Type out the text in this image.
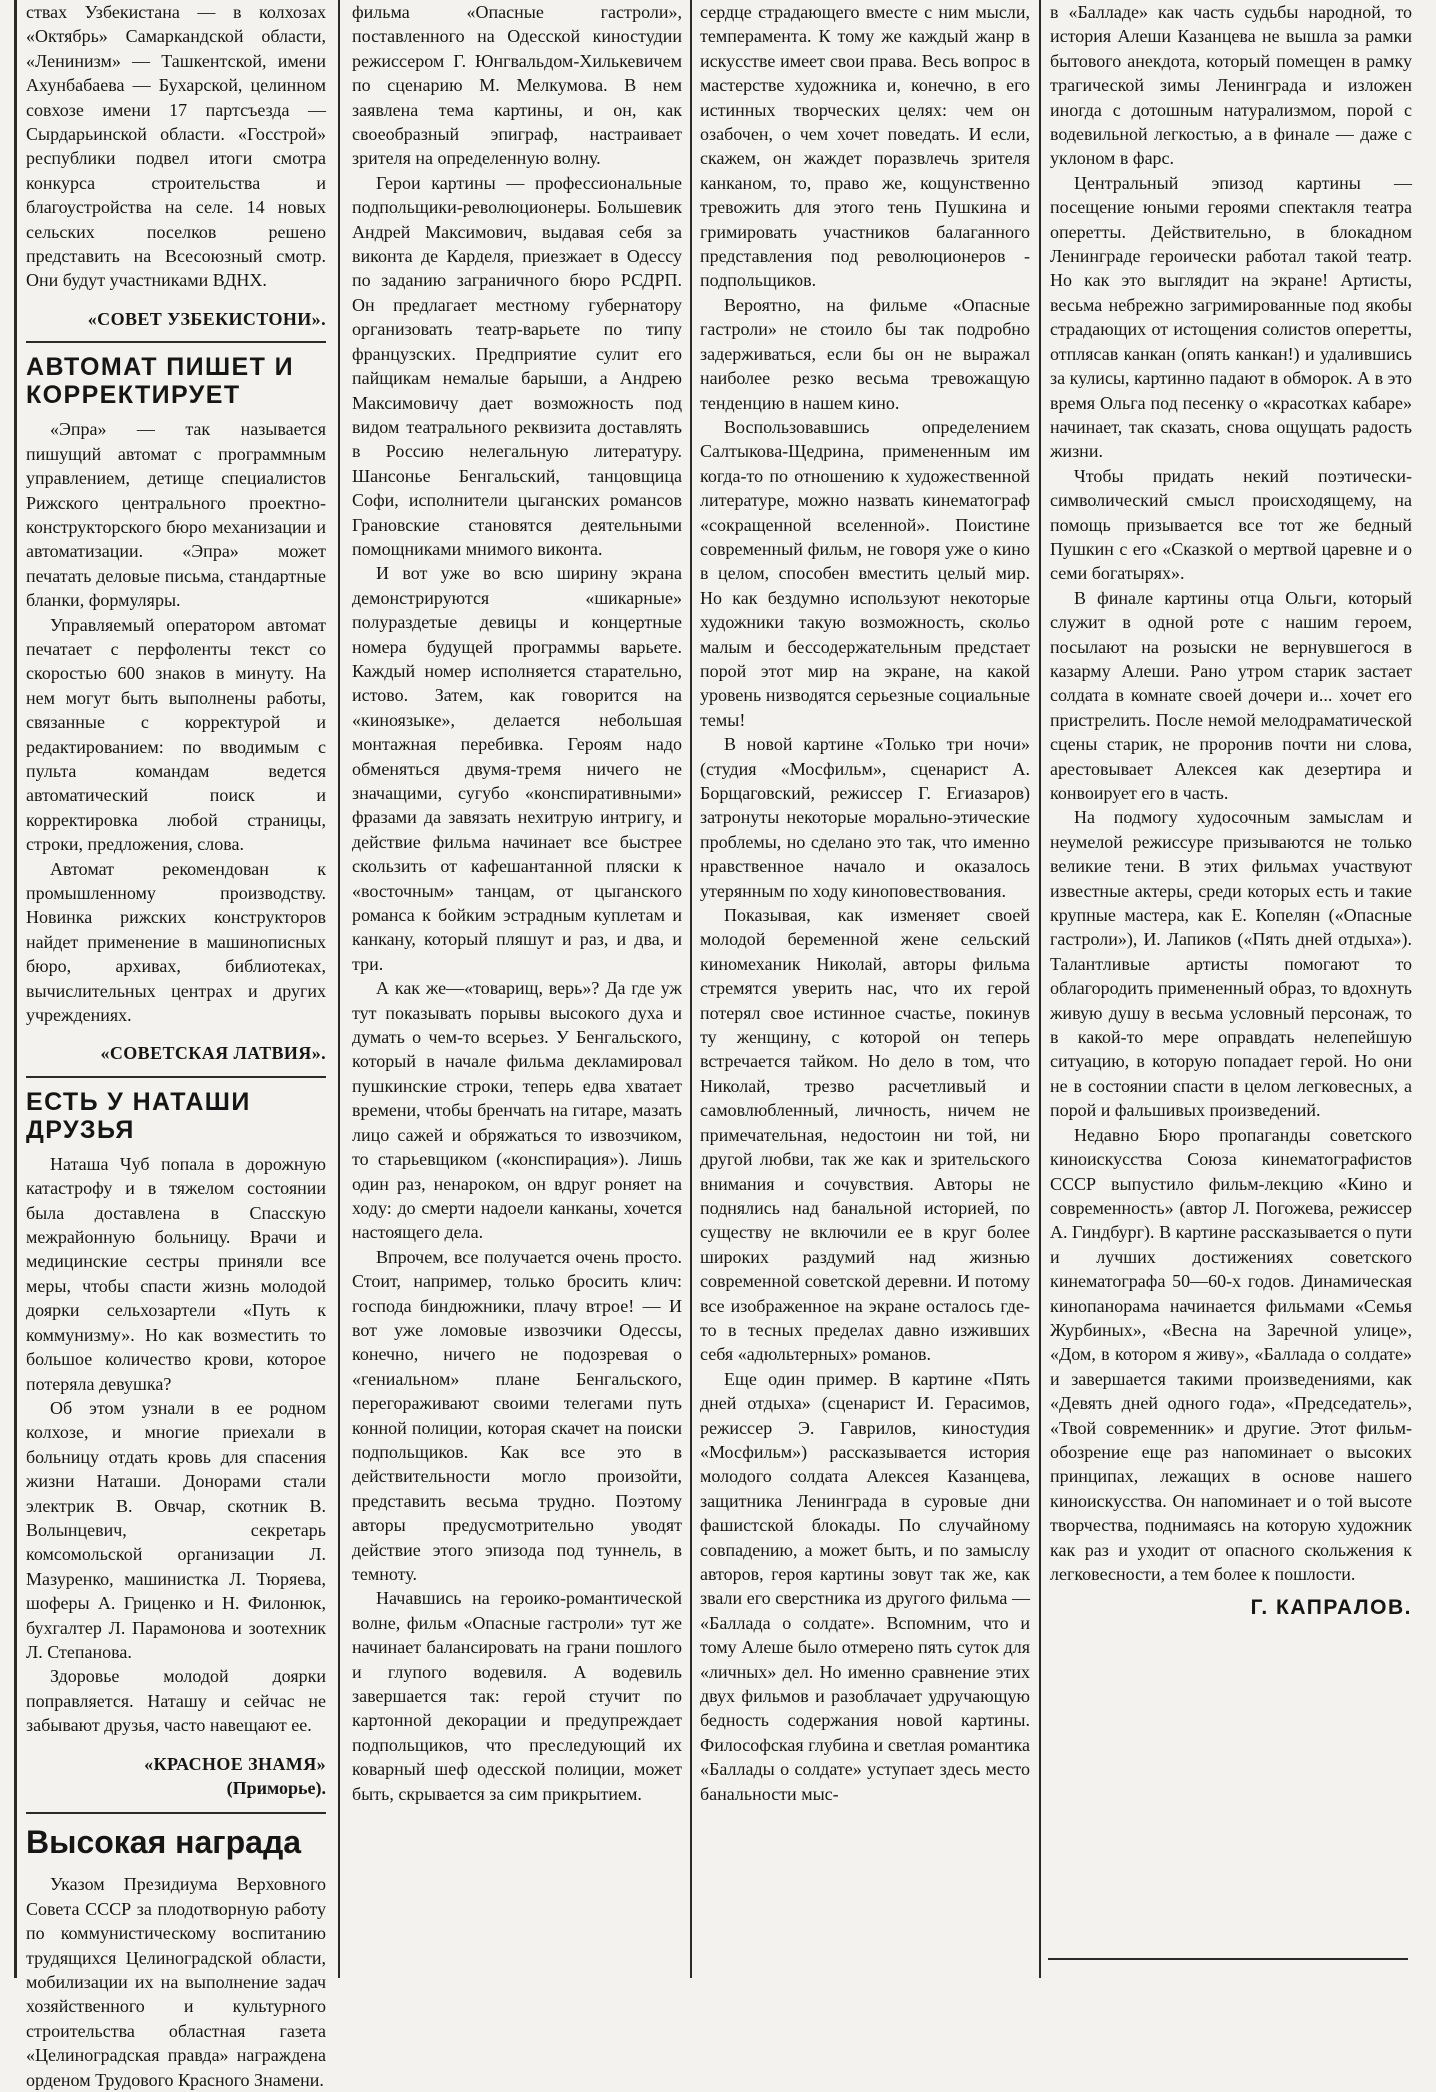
ствах Узбекистана — в колхозах «Октябрь» Самаркандской области, «Ленинизм» — Ташкентской, имени Ахунбабаева — Бухарской, целинном совхозе имени 17 партсъезда — Сырдарьинской области. «Госстрой» республики подвел итоги смотра конкурса строительства и благоустройства на селе. 14 новых сельских поселков решено представить на Всесоюзный смотр. Они будут участниками ВДНХ.

«СОВЕТ УЗБЕКИСТОНИ».
АВТОМАТ ПИШЕТ И КОРРЕКТИРУЕТ

«Эпра» — так называется пишущий автомат с программным управлением, детище специалистов Рижского центрального проектно-конструкторского бюро механизации и автоматизации. «Эпра» может печатать деловые письма, стандартные бланки, формуляры.

Управляемый оператором автомат печатает с перфоленты текст со скоростью 600 знаков в минуту. На нем могут быть выполнены работы, связанные с корректурой и редактированием: по вводимым с пульта командам ведется автоматический поиск и корректировка любой страницы, строки, предложения, слова.

Автомат рекомендован к промышленному производству. Новинка рижских конструкторов найдет применение в машинописных бюро, архивах, библиотеках, вычислительных центрах и других учреждениях.

«СОВЕТСКАЯ ЛАТВИЯ».
ЕСТЬ У НАТАШИ ДРУЗЬЯ

Наташа Чуб попала в дорожную катастрофу и в тяжелом состоянии была доставлена в Спасскую межрайонную больницу. Врачи и медицинские сестры приняли все меры, чтобы спасти жизнь молодой доярки сельхозартели «Путь к коммунизму». Но как возместить то большое количество крови, которое потеряла девушка?

Об этом узнали в ее родном колхозе, и многие приехали в больницу отдать кровь для спасения жизни Наташи. Донорами стали электрик В. Овчар, скотник В. Волынцевич, секретарь комсомольской организации Л. Мазуренко, машинистка Л. Тюряева, шоферы А. Гриценко и Н. Филонюк, бухгалтер Л. Парамонова и зоотехник Л. Степанова.

Здоровье молодой доярки поправляется. Наташу и сейчас не забывают друзья, часто навещают ее.

«КРАСНОЕ ЗНАМЯ»
(Приморье).
Высокая награда

Указом Президиума Верховного Совета СССР за плодотворную работу по коммунистическому воспитанию трудящихся Целиноградской области, мобилизации их на выполнение задач хозяйственного и культурного строительства областная газета «Целиноградская правда» награждена орденом Трудового Красного Знамени.

фильма «Опасные гастроли», поставленного на Одесской киностудии режиссером Г. Юнгвальдом-Хилькевичем по сценарию М. Мелкумова. В нем заявлена тема картины, и он, как своеобразный эпиграф, настраивает зрителя на определенную волну.

Герои картины — профессиональные подпольщики-революционеры. Большевик Андрей Максимович, выдавая себя за виконта де Карделя, приезжает в Одессу по заданию заграничного бюро РСДРП. Он предлагает местному губернатору организовать театр-варьете по типу французских. Предприятие сулит его пайщикам немалые барыши, а Андрею Максимовичу дает возможность под видом театрального реквизита доставлять в Россию нелегальную литературу. Шансонье Бенгальский, танцовщица Софи, исполнители цыганских романсов Грановские становятся деятельными помощниками мнимого виконта.

И вот уже во всю ширину экрана демонстрируются «шикарные» полураздетые девицы и концертные номера будущей программы варьете. Каждый номер исполняется старательно, истово. Затем, как говорится на «киноязыке», делается небольшая монтажная перебивка. Героям надо обменяться двумя-тремя ничего не значащими, сугубо «конспиративными» фразами да завязать нехитрую интригу, и действие фильма начинает все быстрее скользить от кафешантанной пляски к «восточным» танцам, от цыганского романса к бойким эстрадным куплетам и канкану, который пляшут и раз, и два, и три.

А как же—«товарищ, верь»? Да где уж тут показывать порывы высокого духа и думать о чем-то всерьез. У Бенгальского, который в начале фильма декламировал пушкинские строки, теперь едва хватает времени, чтобы бренчать на гитаре, мазать лицо сажей и обряжаться то извозчиком, то старьевщиком («конспирация»). Лишь один раз, ненароком, он вдруг роняет на ходу: до смерти надоели канканы, хочется настоящего дела.

Впрочем, все получается очень просто. Стоит, например, только бросить клич: господа биндюжники, плачу втрое! — И вот уже ломовые извозчики Одессы, конечно, ничего не подозревая о «гениальном» плане Бенгальского, перегораживают своими телегами путь конной полиции, которая скачет на поиски подпольщиков. Как все это в действительности могло произойти, представить весьма трудно. Поэтому авторы предусмотрительно уводят действие этого эпизода под туннель, в темноту.

Начавшись на героико-романтической волне, фильм «Опасные гастроли» тут же начинает балансировать на грани пошлого и глупого водевиля. А водевиль завершается так: герой стучит по картонной декорации и предупреждает подпольщиков, что преследующий их коварный шеф одесской полиции, может быть, скрывается за сим прикрытием.

сердце страдающего вместе с ним мысли, темперамента. К тому же каждый жанр в искусстве имеет свои права. Весь вопрос в мастерстве художника и, конечно, в его истинных творческих целях: чем он озабочен, о чем хочет поведать. И если, скажем, он жаждет поразвлечь зрителя канканом, то, право же, кощунственно тревожить для этого тень Пушкина и гримировать участников балаганного представления под революционеров - подпольщиков.

Вероятно, на фильме «Опасные гастроли» не стоило бы так подробно задерживаться, если бы он не выражал наиболее резко весьма тревожащую тенденцию в нашем кино.

Воспользовавшись определением Салтыкова-Щедрина, примененным им когда-то по отношению к художественной литературе, можно назвать кинематограф «сокращенной вселенной». Поистине современный фильм, не говоря уже о кино в целом, способен вместить целый мир. Но как бездумно используют некоторые художники такую возможность, скольо малым и бессодержательным предстает порой этот мир на экране, на какой уровень низводятся серьезные социальные темы!

В новой картине «Только три ночи» (студия «Мосфильм», сценарист А. Борщаговский, режиссер Г. Егиазаров) затронуты некоторые морально-этические проблемы, но сделано это так, что именно нравственное начало и оказалось утерянным по ходу киноповествования.

Показывая, как изменяет своей молодой беременной жене сельский киномеханик Николай, авторы фильма стремятся уверить нас, что их герой потерял свое истинное счастье, покинув ту женщину, с которой он теперь встречается тайком. Но дело в том, что Николай, трезво расчетливый и самовлюбленный, личность, ничем не примечательная, недостоин ни той, ни другой любви, так же как и зрительского внимания и сочувствия. Авторы не поднялись над банальной историей, по существу не включили ее в круг более широких раздумий над жизнью современной советской деревни. И потому все изображенное на экране осталось где-то в тесных пределах давно изживших себя «адюльтерных» романов.

Еще один пример. В картине «Пять дней отдыха» (сценарист И. Герасимов, режиссер Э. Гаврилов, киностудия «Мосфильм») рассказывается история молодого солдата Алексея Казанцева, защитника Ленинграда в суровые дни фашистской блокады. По случайному совпадению, а может быть, и по замыслу авторов, героя картины зовут так же, как звали его сверстника из другого фильма — «Баллада о солдате». Вспомним, что и тому Алеше было отмерено пять суток для «личных» дел. Но именно сравнение этих двух фильмов и разоблачает удручающую бедность содержания новой картины. Философская глубина и светлая романтика «Баллады о солдате» уступает здесь место банальности мыс-

в «Балладе» как часть судьбы народной, то история Алеши Казанцева не вышла за рамки бытового анекдота, который помещен в рамку трагической зимы Ленинграда и изложен иногда с дотошным натурализмом, порой с водевильной легкостью, а в финале — даже с уклоном в фарс.

Центральный эпизод картины — посещение юными героями спектакля театра оперетты. Действительно, в блокадном Ленинграде героически работал такой театр. Но как это выглядит на экране! Артисты, весьма небрежно загримированные под якобы страдающих от истощения солистов оперетты, отплясав канкан (опять канкан!) и удалившись за кулисы, картинно падают в обморок. А в это время Ольга под песенку о «красотках кабаре» начинает, так сказать, снова ощущать радость жизни.

Чтобы придать некий поэтически-символический смысл происходящему, на помощь призывается все тот же бедный Пушкин с его «Сказкой о мертвой царевне и о семи богатырях».

В финале картины отца Ольги, который служит в одной роте с нашим героем, посылают на розыски не вернувшегося в казарму Алеши. Рано утром старик застает солдата в комнате своей дочери и... хочет его пристрелить. После немой мелодраматической сцены старик, не проронив почти ни слова, арестовывает Алексея как дезертира и конвоирует его в часть.

На подмогу худосочным замыслам и неумелой режиссуре призываются не только великие тени. В этих фильмах участвуют известные актеры, среди которых есть и такие крупные мастера, как Е. Копелян («Опасные гастроли»), И. Лапиков («Пять дней отдыха»). Талантливые артисты помогают то облагородить примененный образ, то вдохнуть живую душу в весьма условный персонаж, то в какой-то мере оправдать нелепейшую ситуацию, в которую попадает герой. Но они не в состоянии спасти в целом легковесных, а порой и фальшивых произведений.

Недавно Бюро пропаганды советского киноискусства Союза кинематографистов СССР выпустило фильм-лекцию «Кино и современность» (автор Л. Погожева, режиссер А. Гиндбург). В картине рассказывается о пути и лучших достижениях советского кинематографа 50—60-х годов. Динамическая кинопанорама начинается фильмами «Семья Журбиных», «Весна на Заречной улице», «Дом, в котором я живу», «Баллада о солдате» и завершается такими произведениями, как «Девять дней одного года», «Председатель», «Твой современник» и другие. Этот фильм-обозрение еще раз напоминает о высоких принципах, лежащих в основе нашего киноискусства. Он напоминает и о той высоте творчества, поднимаясь на которую художник как раз и уходит от опасного скольжения к легковесности, а тем более к пошлости.

Г. КАПРАЛОВ.
